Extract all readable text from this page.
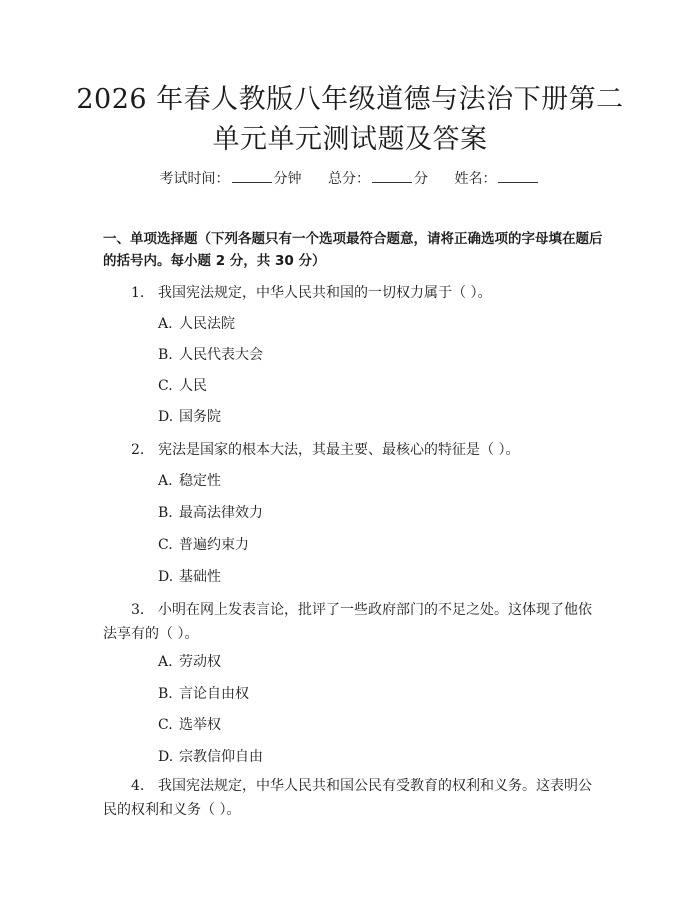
2026 年春人教版八年级道德与法治下册第二
单元单元测试题及答案
考试时间：	分钟 总分：	分 姓名：
一、单项选择题（下列各题只有一个选项最符合题意，请将正确选项的字母填在题后的括号内。每小题 2 分，共 30 分）
1. 我国宪法规定，中华人民共和国的一切权力属于（ ）。
A. 人民法院
B. 人民代表大会
C. 人民
D. 国务院
2. 宪法是国家的根本大法，其最主要、最核心的特征是（ ）。
A. 稳定性
B. 最高法律效力
C. 普遍约束力
D. 基础性
3. 小明在网上发表言论，批评了一些政府部门的不足之处。这体现了他依法享有的（ ）。
A. 劳动权
B. 言论自由权
C. 选举权
D. 宗教信仰自由
4. 我国宪法规定，中华人民共和国公民有受教育的权利和义务。这表明公民的权利和义务（ ）。
